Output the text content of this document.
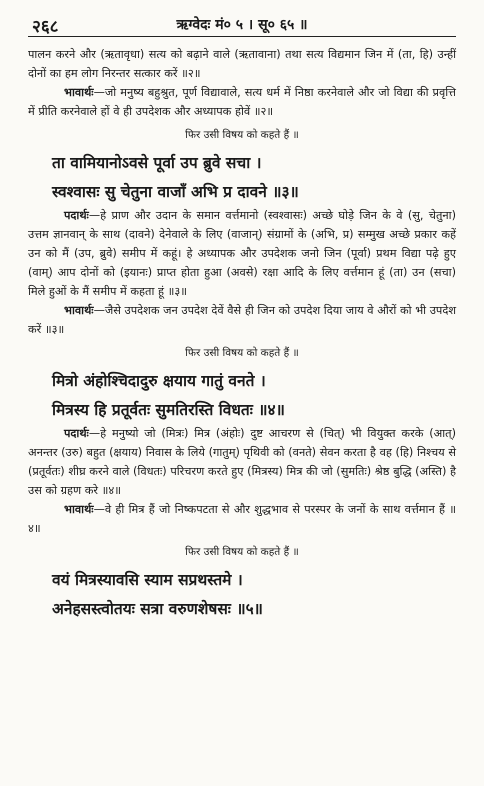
२६८	ऋग्वेदः मं० ५ । सू० ६५ ॥

पालन करने और (ऋतावृधा) सत्य को बढ़ाने वाले (ऋतावाना) तथा सत्य विद्यमान जिन में (ता, हि) उन्हीं दोनों का हम लोग निरन्तर सत्कार करें ॥२॥

भावार्थः—जो मनुष्य बहुश्रुत, पूर्ण विद्यावाले, सत्य धर्म में निष्ठा करनेवाले और जो विद्या की प्रवृत्ति में प्रीति करनेवाले हों वे ही उपदेशक और अध्यापक होवें ॥२॥

फिर उसी विषय को कहते हैं ॥
ता वामियानोऽवसे पूर्वा उप ब्रुवे सचा ।
स्वश्वासः सु चेतुना वाजाँ अभि प्र दावने ॥३॥

पदार्थः—हे प्राण और उदान के समान वर्त्तमानो (स्वश्वासः) अच्छे घोड़े जिन के वे (सु, चेतुना) उत्तम ज्ञानवान् के साथ (दावने) देनेवाले के लिए (वाजान्) संग्रामों के (अभि, प्र) सम्मुख अच्छे प्रकार कहें उन को मैं (उप, ब्रुवे) समीप में कहूं। हे अध्यापक और उपदेशक जनो जिन (पूर्वा) प्रथम विद्या पढ़े हुए (वाम्) आप दोनों को (इयानः) प्राप्त होता हुआ (अवसे) रक्षा आदि के लिए वर्त्तमान हूं (ता) उन (सचा) मिले हुओं के मैं समीप में कहता हूं ॥३॥

भावार्थः—जैसे उपदेशक जन उपदेश देवें वैसे ही जिन को उपदेश दिया जाय वे औरों को भी उपदेश करें ॥३॥

फिर उसी विषय को कहते हैं ॥
मित्रो अंहोश्चिदादुरु क्षयाय गातुं वनते ।
मित्रस्य हि प्रतूर्वतः सुमतिरस्ति विधतः ॥४॥

पदार्थः—हे मनुष्यो जो (मित्रः) मित्र (अंहोः) दुष्ट आचरण से (चित्) भी वियुक्त करके (आत्) अनन्तर (उरु) बहुत (क्षयाय) निवास के लिये (गातुम्) पृथिवी को (वनते) सेवन करता है वह (हि) निश्चय से (प्रतूर्वतः) शीघ्र करने वाले (विधतः) परिचरण करते हुए (मित्रस्य) मित्र की जो (सुमतिः) श्रेष्ठ बुद्धि (अस्ति) है उस को ग्रहण करे ॥४॥

भावार्थः—वे ही मित्र हैं जो निष्कपटता से और शुद्धभाव से परस्पर के जनों के साथ वर्त्तमान हैं ॥४॥

फिर उसी विषय को कहते हैं ॥
वयं मित्रस्यावसि स्याम सप्रथस्तमे ।
अनेहसस्त्वोतयः सत्रा वरुणशेषसः ॥५॥
